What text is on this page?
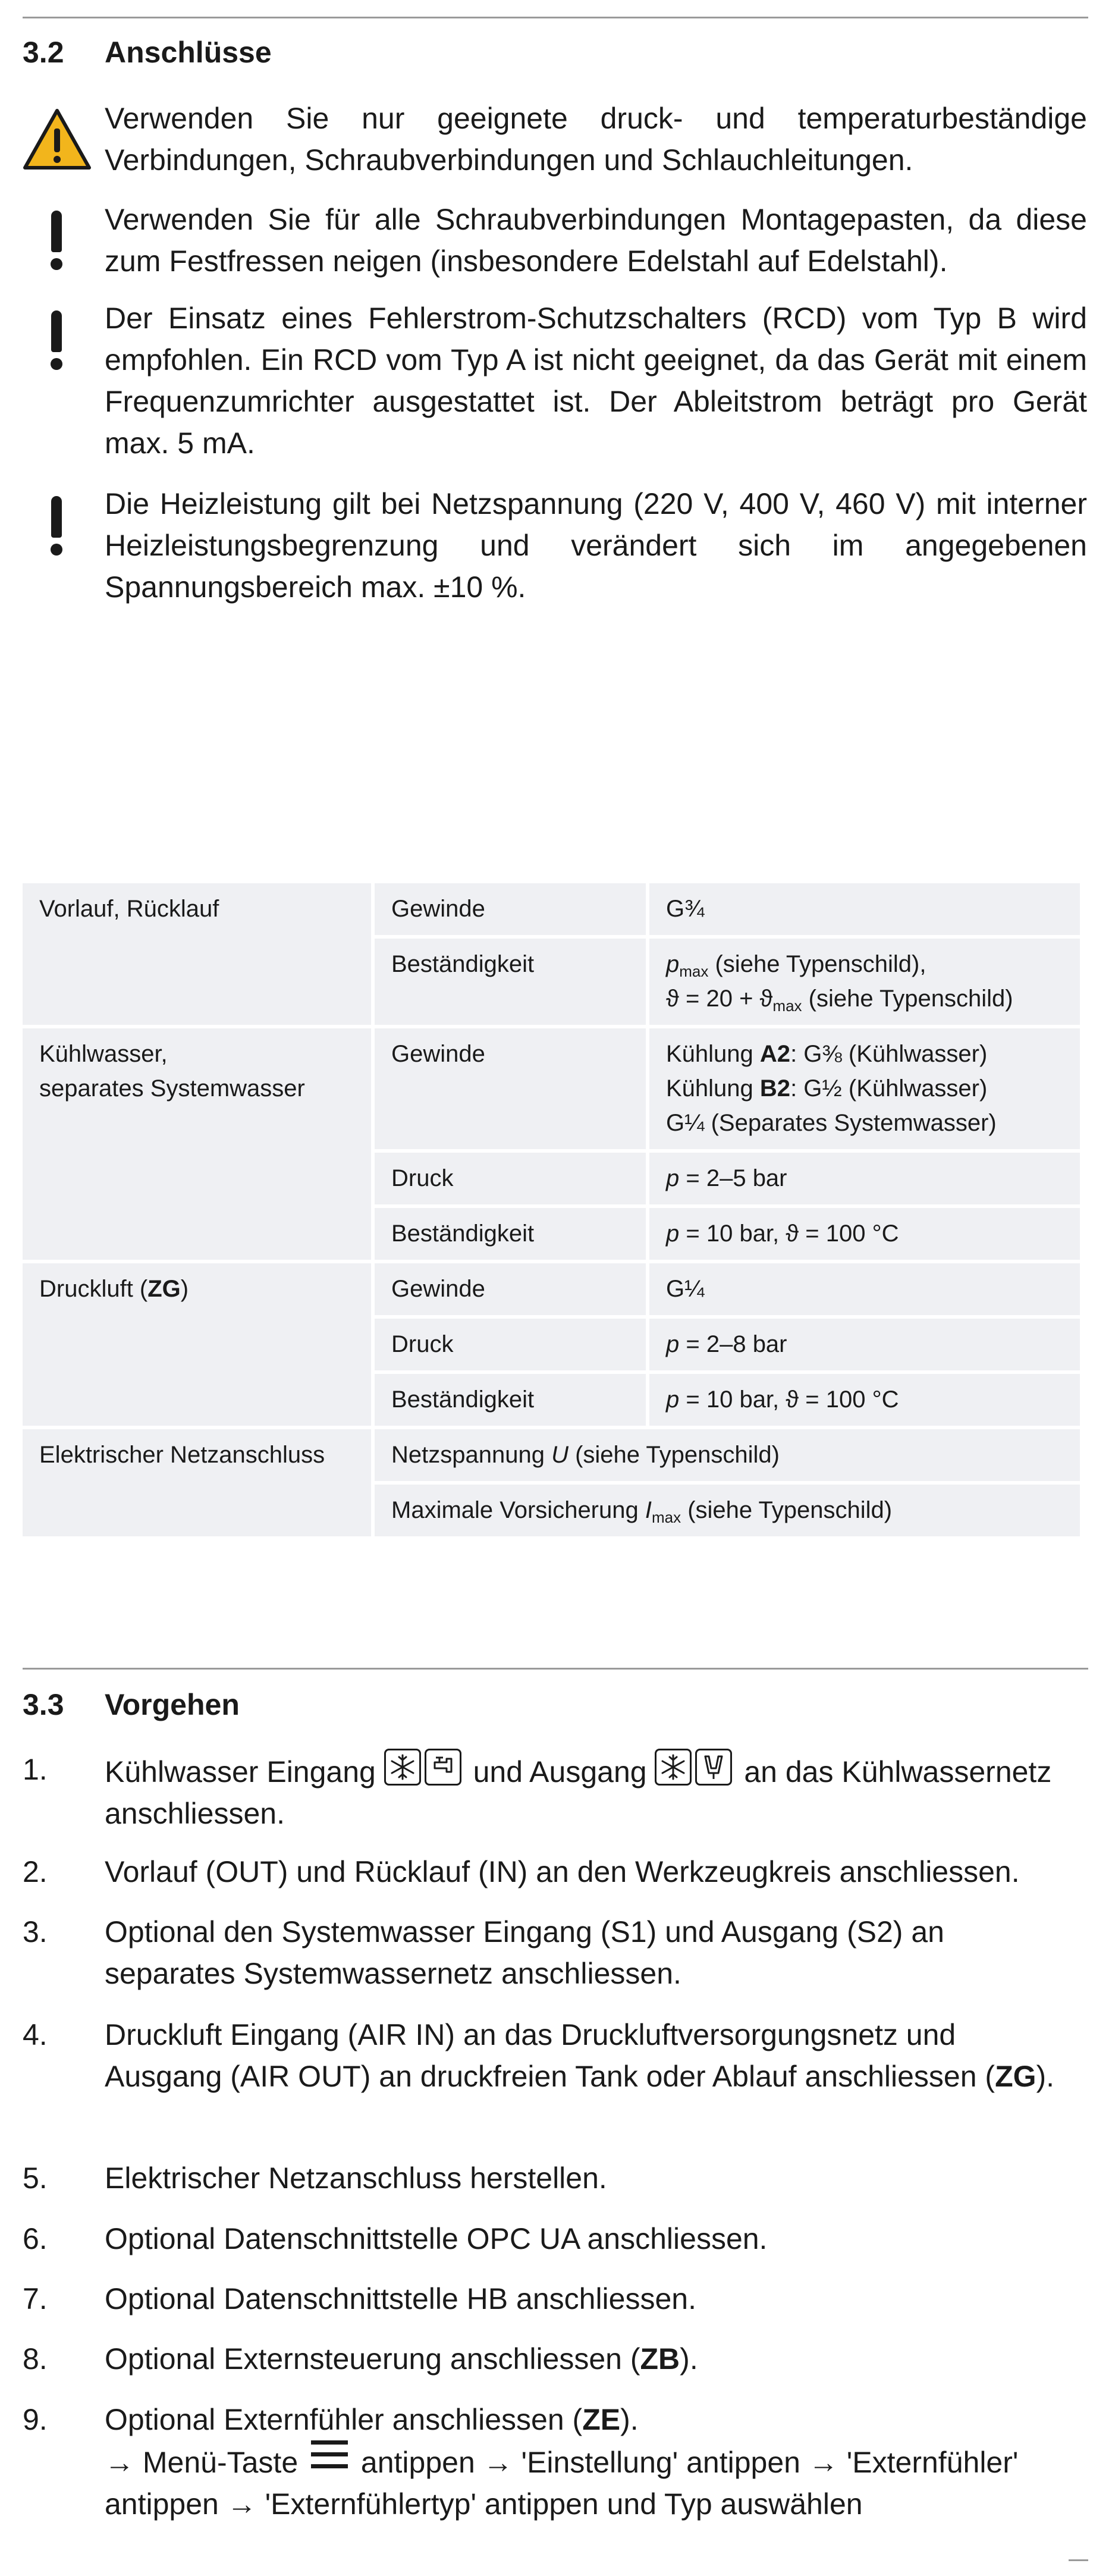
3.2 Anschlüsse
Verwenden Sie nur geeignete druck- und temperaturbeständige Verbindungen, Schraubverbindungen und Schlauchleitungen.
Verwenden Sie für alle Schraubverbindungen Montagepasten, da diese zum Festfressen neigen (insbesondere Edelstahl auf Edelstahl).
Der Einsatz eines Fehlerstrom-Schutzschalters (RCD) vom Typ B wird empfohlen. Ein RCD vom Typ A ist nicht geeignet, da das Gerät mit einem Frequenzumrichter ausgestattet ist. Der Ableitstrom beträgt pro Gerät max. 5 mA.
Die Heizleistung gilt bei Netzspannung (220 V, 400 V, 460 V) mit interner Heizleistungsbegrenzung und verändert sich im angegebenen Spannungsbereich max. ±10 %.
Vorlauf, Rücklauf	Gewinde	G¾
	Beständigkeit	$p_{max}$ (siehe Typenschild),
$ϑ = 20 + ϑ_{max}$ (siehe Typenschild)
Kühlwasser,
separates Systemwasser	Gewinde	Kühlung A2: G⅜ (Kühlwasser)
Kühlung B2: G½ (Kühlwasser)
G¼ (Separates Systemwasser)
	Druck	p = 2–5 bar
	Beständigkeit	p = 10 bar, ϑ = 100 °C
Druckluft (ZG)	Gewinde	G¼
	Druck	p = 2–8 bar
	Beständigkeit	p = 10 bar, ϑ = 100 °C
Elektrischer Netzanschluss	Netzspannung U (siehe Typenschild)	
	Maximale Vorsicherung $I_{max}$ (siehe Typenschild)	
3.3 Vorgehen
1. Kühlwasser Eingang	und Ausgang	an das Kühlwassernetz anschliessen.
2. Vorlauf (OUT) und Rücklauf (IN) an den Werkzeugkreis anschliessen.
3. Optional den Systemwasser Eingang (S1) und Ausgang (S2) an separates Systemwassernetz anschliessen.
4. Druckluft Eingang (AIR IN) an das Druckluftversorgungsnetz und Ausgang (AIR OUT) an druckfreien Tank oder Ablauf anschliessen (ZG).
5. Elektrischer Netzanschluss herstellen.
6. Optional Datenschnittstelle OPC UA anschliessen.
7. Optional Datenschnittstelle HB anschliessen.
8. Optional Externsteuerung anschliessen (ZB).
9. Optional Externfühler anschliessen (ZE).
→ Menü-Taste
antippen → 'Einstellung' antippen → 'Externfühler' antippen → 'Externfühlertyp' antippen und Typ auswählen
